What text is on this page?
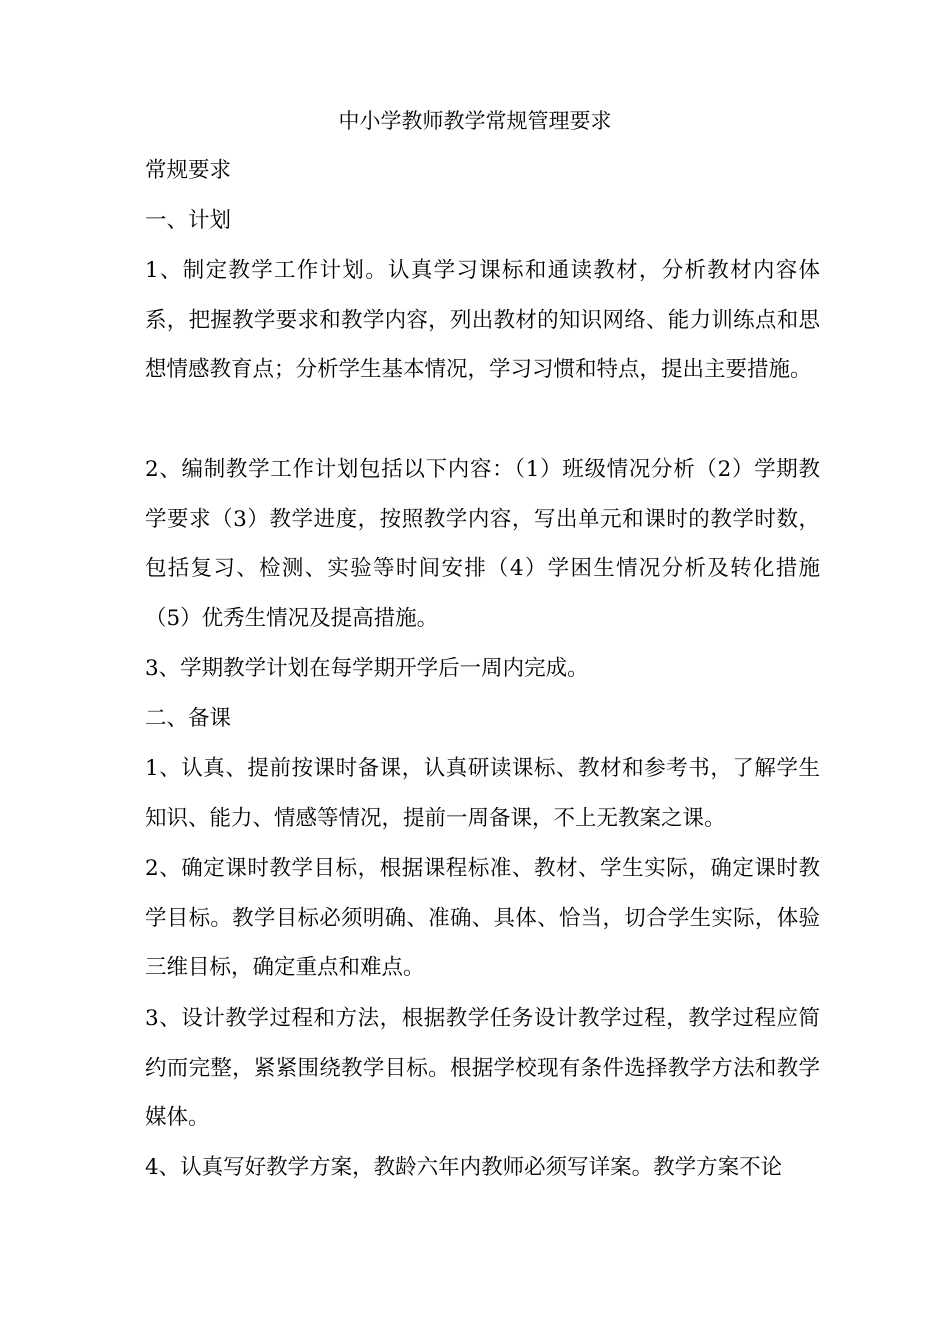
中小学教师教学常规管理要求

常规要求

一、计划

1、制定教学工作计划。认真学习课标和通读教材，分析教材内容体系，把握教学要求和教学内容，列出教材的知识网络、能力训练点和思想情感教育点；分析学生基本情况，学习习惯和特点，提出主要措施。

2、编制教学工作计划包括以下内容：（1）班级情况分析（2）学期教学要求（3）教学进度，按照教学内容，写出单元和课时的教学时数，包括复习、检测、实验等时间安排（4）学困生情况分析及转化措施（5）优秀生情况及提高措施。

3、学期教学计划在每学期开学后一周内完成。

二、备课

1、认真、提前按课时备课，认真研读课标、教材和参考书，了解学生知识、能力、情感等情况，提前一周备课，不上无教案之课。

2、确定课时教学目标，根据课程标准、教材、学生实际，确定课时教学目标。教学目标必须明确、准确、具体、恰当，切合学生实际，体验三维目标，确定重点和难点。

3、设计教学过程和方法，根据教学任务设计教学过程，教学过程应简约而完整，紧紧围绕教学目标。根据学校现有条件选择教学方法和教学媒体。

4、认真写好教学方案，教龄六年内教师必须写详案。教学方案不论
